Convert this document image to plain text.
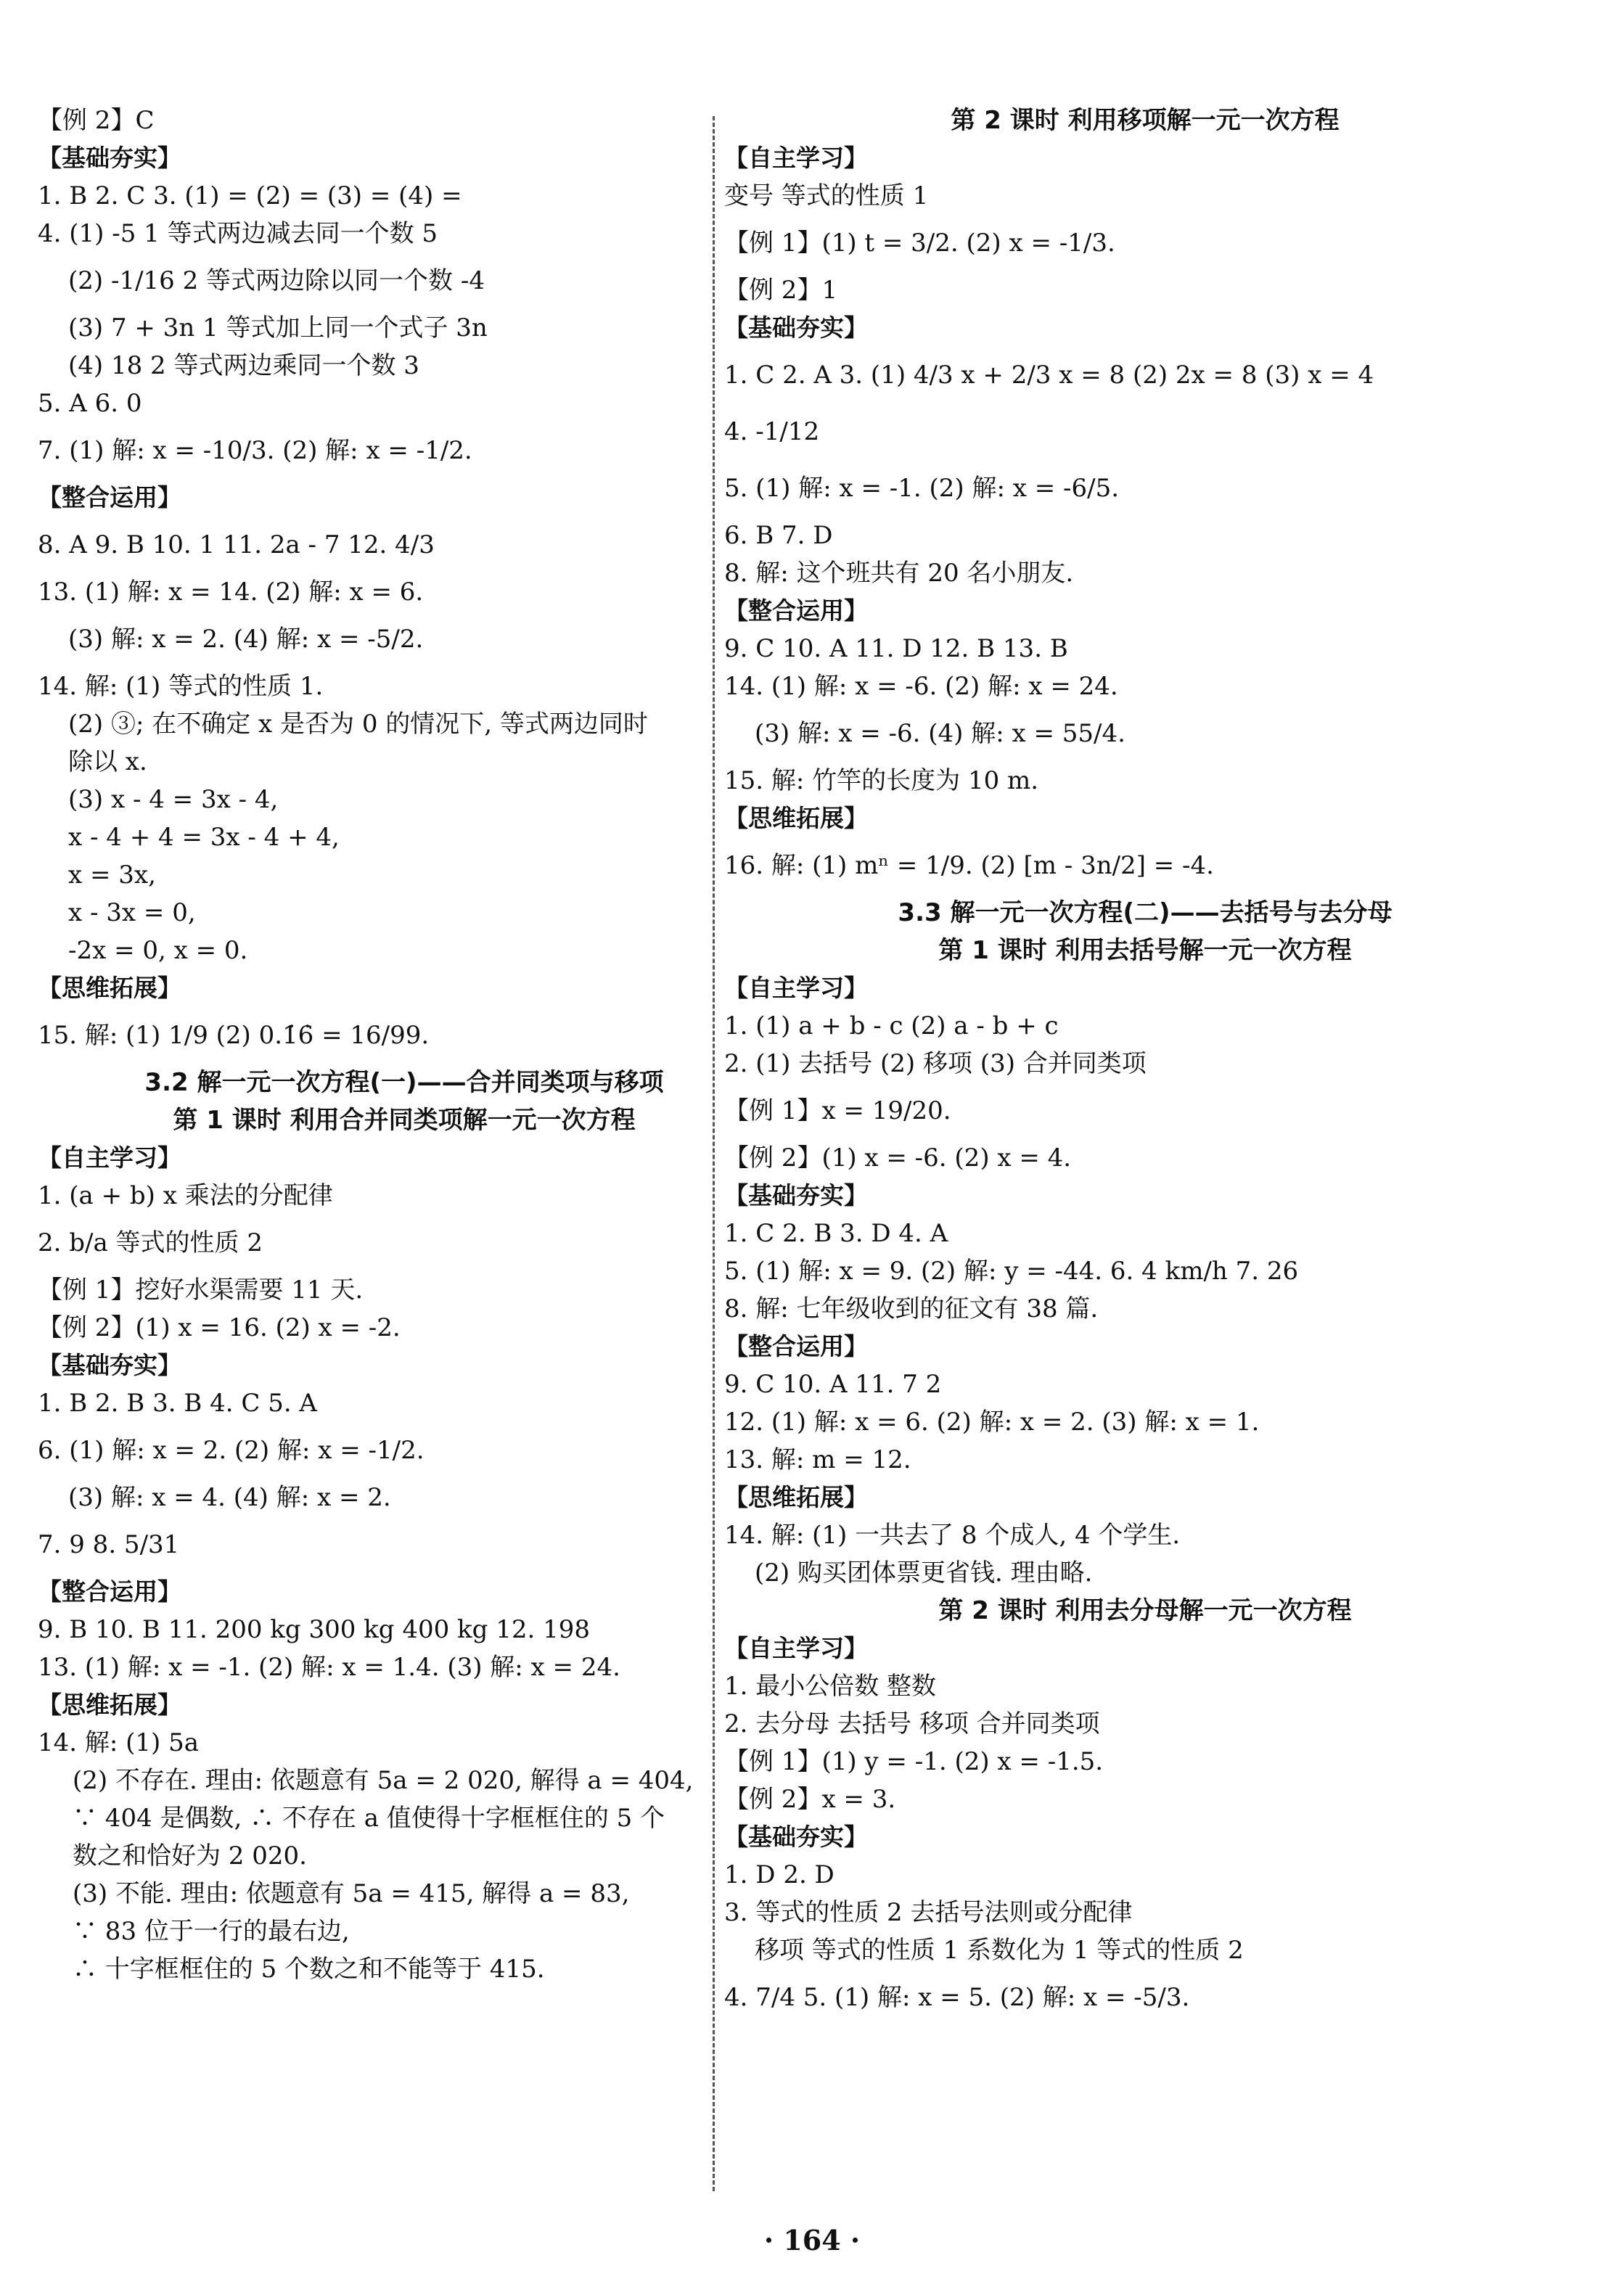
【例 2】C
【基础夯实】
1. B 2. C 3. (1) = (2) = (3) = (4) =
4. (1) -5 1 等式两边减去同一个数 5
(2) -1/16 2 等式两边除以同一个数 -4
(3) 7 + 3n 1 等式加上同一个式子 3n
(4) 18 2 等式两边乘同一个数 3
5. A 6. 0
7. (1) 解: x = -10/3. (2) 解: x = -1/2.
【整合运用】
8. A 9. B 10. 1 11. 2a - 7 12. 4/3
13. (1) 解: x = 14. (2) 解: x = 6.
(3) 解: x = 2. (4) 解: x = -5/2.
14. 解: (1) 等式的性质 1.
(2) ③; 在不确定 x 是否为 0 的情况下, 等式两边同时
除以 x.
(3) x - 4 = 3x - 4,
x - 4 + 4 = 3x - 4 + 4,
x = 3x,
x - 3x = 0,
-2x = 0, x = 0.
【思维拓展】
15. 解: (1) 1/9 (2) 0.1̇6̇ = 16/99.
3.2 解一元一次方程(一)——合并同类项与移项
第 1 课时 利用合并同类项解一元一次方程
【自主学习】
1. (a + b) x 乘法的分配律
2. b/a 等式的性质 2
【例 1】挖好水渠需要 11 天.
【例 2】(1) x = 16. (2) x = -2.
【基础夯实】
1. B 2. B 3. B 4. C 5. A
6. (1) 解: x = 2. (2) 解: x = -1/2.
(3) 解: x = 4. (4) 解: x = 2.
7. 9 8. 5/31
【整合运用】
9. B 10. B 11. 200 kg 300 kg 400 kg 12. 198
13. (1) 解: x = -1. (2) 解: x = 1.4. (3) 解: x = 24.
【思维拓展】
14. 解: (1) 5a
(2) 不存在. 理由: 依题意有 5a = 2 020, 解得 a = 404,
∵ 404 是偶数, ∴ 不存在 a 值使得十字框框住的 5 个
数之和恰好为 2 020.
(3) 不能. 理由: 依题意有 5a = 415, 解得 a = 83,
∵ 83 位于一行的最右边,
∴ 十字框框住的 5 个数之和不能等于 415.
第 2 课时 利用移项解一元一次方程
【自主学习】
变号 等式的性质 1
【例 1】(1) t = 3/2. (2) x = -1/3.
【例 2】1
【基础夯实】
1. C 2. A 3. (1) 4/3 x + 2/3 x = 8 (2) 2x = 8 (3) x = 4
4. -1/12
5. (1) 解: x = -1. (2) 解: x = -6/5.
6. B 7. D
8. 解: 这个班共有 20 名小朋友.
【整合运用】
9. C 10. A 11. D 12. B 13. B
14. (1) 解: x = -6. (2) 解: x = 24.
(3) 解: x = -6. (4) 解: x = 55/4.
15. 解: 竹竿的长度为 10 m.
【思维拓展】
16. 解: (1) mⁿ = 1/9. (2) [m - 3n/2] = -4.
3.3 解一元一次方程(二)——去括号与去分母
第 1 课时 利用去括号解一元一次方程
【自主学习】
1. (1) a + b - c (2) a - b + c
2. (1) 去括号 (2) 移项 (3) 合并同类项
【例 1】x = 19/20.
【例 2】(1) x = -6. (2) x = 4.
【基础夯实】
1. C 2. B 3. D 4. A
5. (1) 解: x = 9. (2) 解: y = -44. 6. 4 km/h 7. 26
8. 解: 七年级收到的征文有 38 篇.
【整合运用】
9. C 10. A 11. 7 2
12. (1) 解: x = 6. (2) 解: x = 2. (3) 解: x = 1.
13. 解: m = 12.
【思维拓展】
14. 解: (1) 一共去了 8 个成人, 4 个学生.
(2) 购买团体票更省钱. 理由略.
第 2 课时 利用去分母解一元一次方程
【自主学习】
1. 最小公倍数 整数
2. 去分母 去括号 移项 合并同类项
【例 1】(1) y = -1. (2) x = -1.5.
【例 2】x = 3.
【基础夯实】
1. D 2. D
3. 等式的性质 2 去括号法则或分配律
移项 等式的性质 1 系数化为 1 等式的性质 2
4. 7/4 5. (1) 解: x = 5. (2) 解: x = -5/3.
· 164 ·
